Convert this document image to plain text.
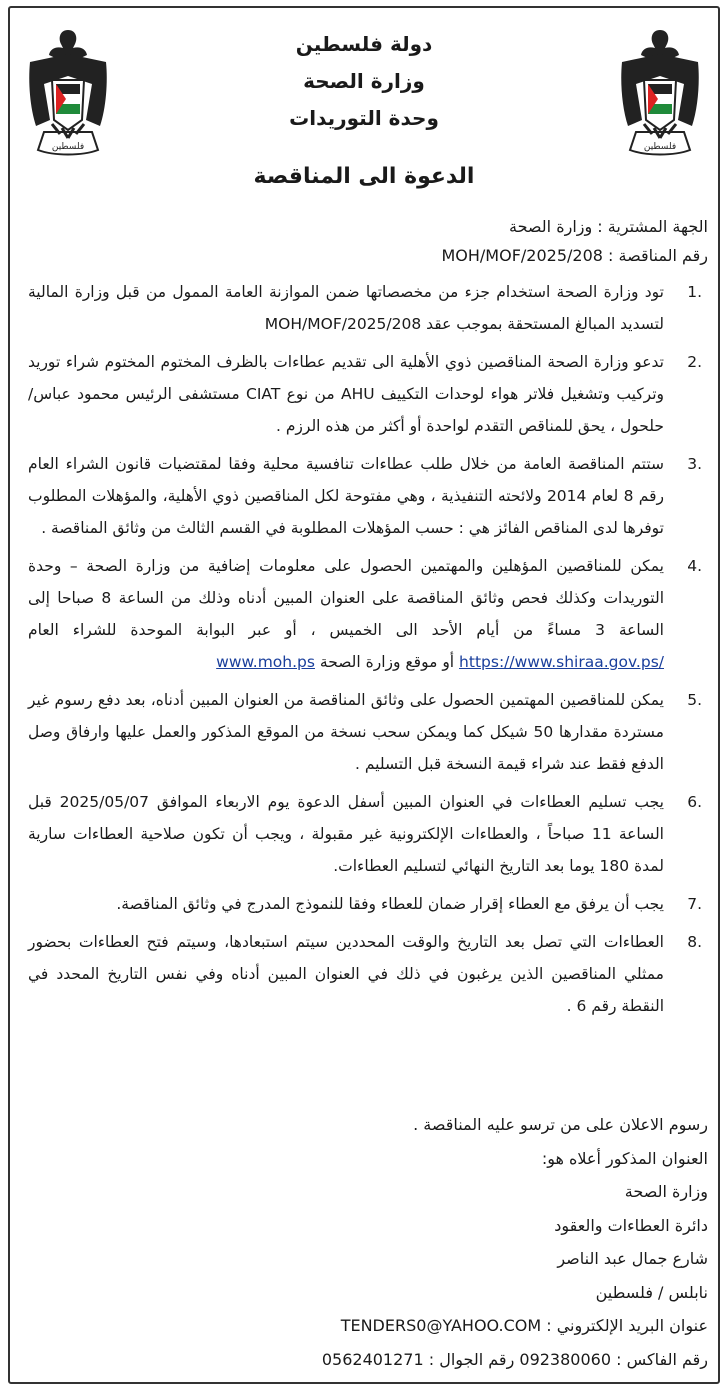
فلسطين
فلسطين
دولة فلسطين
وزارة الصحة
وحدة التوريدات
الدعوة الى المناقصة
الجهة المشترية : وزارة الصحة
رقم المناقصة : MOH/MOF/2025/208
1.
تود وزارة الصحة استخدام جزء من مخصصاتها ضمن الموازنة العامة الممول من قبل وزارة المالية لتسديد المبالغ المستحقة بموجب عقد MOH/MOF/2025/208
2.
تدعو وزارة الصحة المناقصين ذوي الأهلية الى تقديم عطاءات بالظرف المختوم المختوم شراء توريد وتركيب وتشغيل فلاتر هواء لوحدات التكييف AHU من نوع CIAT مستشفى الرئيس محمود عباس/ حلحول ، يحق للمناقص التقدم لواحدة أو أكثر من هذه الرزم .
3.
ستتم المناقصة العامة من خلال طلب عطاءات تنافسية محلية وفقا لمقتضيات قانون الشراء العام رقم 8 لعام 2014 ولائحته التنفيذية ، وهي مفتوحة لكل المناقصين ذوي الأهلية، والمؤهلات المطلوب توفرها لدى المناقص الفائز هي : حسب المؤهلات المطلوبة في القسم الثالث من وثائق المناقصة .
4.
يمكن للمناقصين المؤهلين والمهتمين الحصول على معلومات إضافية من وزارة الصحة – وحدة التوريدات وكذلك فحص وثائق المناقصة على العنوان المبين أدناه وذلك من الساعة 8 صباحا إلى الساعة 3 مساءً من أيام الأحد الى الخميس ، أو عبر البوابة الموحدة للشراء العام https://www.shiraa.gov.ps/ أو موقع وزارة الصحة www.moh.ps
5.
يمكن للمناقصين المهتمين الحصول على وثائق المناقصة من العنوان المبين أدناه، بعد دفع رسوم غير مستردة مقدارها 50 شيكل كما ويمكن سحب نسخة من الموقع المذكور والعمل عليها وارفاق وصل الدفع فقط عند شراء قيمة النسخة قبل التسليم .
6.
يجب تسليم العطاءات في العنوان المبين أسفل الدعوة يوم الاربعاء الموافق 2025/05/07 قبل الساعة 11 صباحاً ، والعطاءات الإلكترونية غير مقبولة ، ويجب أن تكون صلاحية العطاءات سارية لمدة 180 يوما بعد التاريخ النهائي لتسليم العطاءات.
7.
يجب أن يرفق مع العطاء إقرار ضمان للعطاء وفقا للنموذج المدرج في وثائق المناقصة.
8.
العطاءات التي تصل بعد التاريخ والوقت المحددين سيتم استبعادها، وسيتم فتح العطاءات بحضور ممثلي المناقصين الذين يرغبون في ذلك في العنوان المبين أدناه وفي نفس التاريخ المحدد في النقطة رقم 6 .
رسوم الاعلان على من ترسو عليه المناقصة .
العنوان المذكور أعلاه هو:
وزارة الصحة
دائرة العطاءات والعقود
شارع جمال عبد الناصر
نابلس / فلسطين
عنوان البريد الإلكتروني : TENDERS0@YAHOO.COM
رقم الفاكس : 092380060 رقم الجوال : 0562401271
